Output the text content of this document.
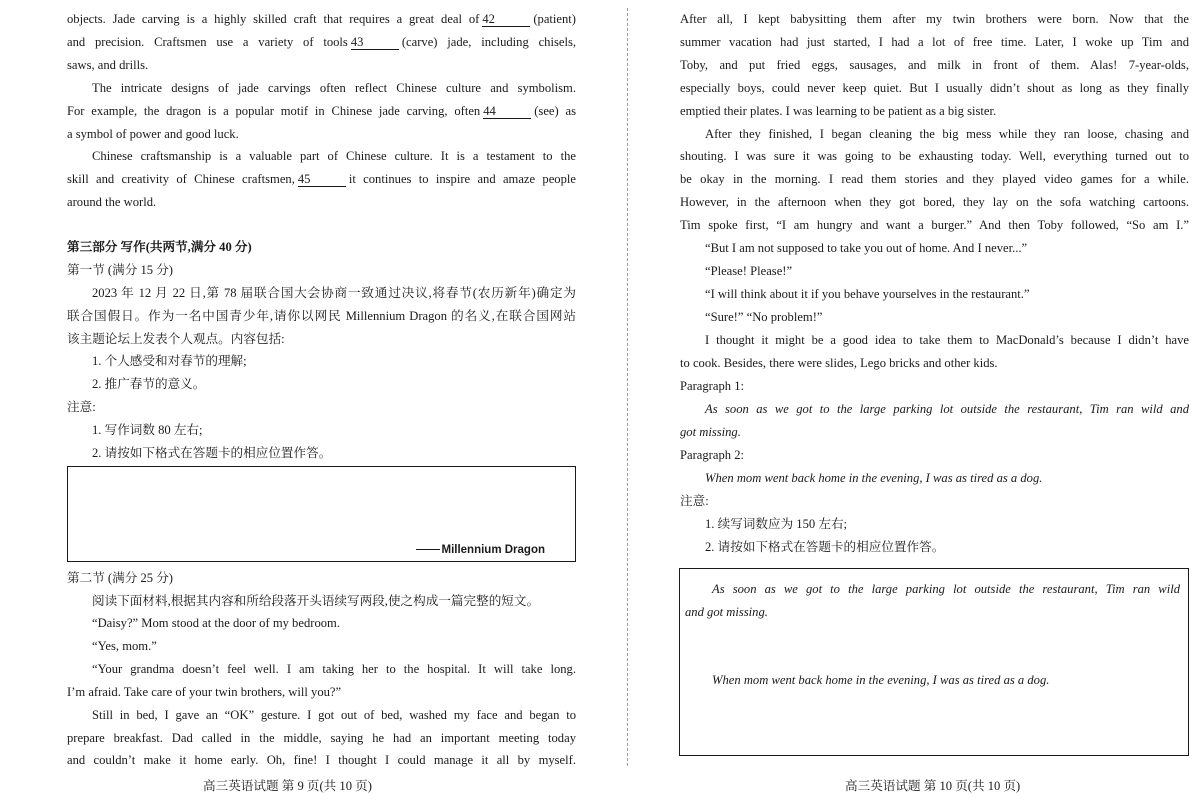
objects. Jade carving is a highly skilled craft that requires a great deal of 42	(patient)
and precision. Craftsmen use a variety of tools 43	(carve) jade, including chisels,
saws, and drills.
The intricate designs of jade carvings often reflect Chinese culture and symbolism.
For example, the dragon is a popular motif in Chinese jade carving, often 44	(see) as
a symbol of power and good luck.
Chinese craftsmanship is a valuable part of Chinese culture. It is a testament to the
skill and creativity of Chinese craftsmen, 45	it continues to inspire and amaze people
around the world.
第三部分 写作(共两节,满分 40 分)
第一节 (满分 15 分)
2023 年 12 月 22 日,第 78 届联合国大会协商一致通过决议,将春节(农历新年)确定为
联合国假日。作为一名中国青少年,请你以网民 Millennium Dragon 的名义,在联合国网站
该主题论坛上发表个人观点。内容包括:
1. 个人感受和对春节的理解;
2. 推广春节的意义。
注意:
1. 写作词数 80 左右;
2. 请按如下格式在答题卡的相应位置作答。
Millennium Dragon
第二节 (满分 25 分)
阅读下面材料,根据其内容和所给段落开头语续写两段,使之构成一篇完整的短文。
“Daisy?” Mom stood at the door of my bedroom.
“Yes, mom.”
“Your grandma doesn’t feel well. I am taking her to the hospital. It will take long.
I’m afraid. Take care of your twin brothers, will you?”
Still in bed, I gave an “OK” gesture. I got out of bed, washed my face and began to
prepare breakfast. Dad called in the middle, saying he had an important meeting today
and couldn’t make it home early. Oh, fine! I thought I could manage it all by myself.
高三英语试题 第 9 页(共 10 页)
After all, I kept babysitting them after my twin brothers were born. Now that the
summer vacation had just started, I had a lot of free time. Later, I woke up Tim and
Toby, and put fried eggs, sausages, and milk in front of them. Alas! 7-year-olds,
especially boys, could never keep quiet. But I usually didn’t shout as long as they finally
emptied their plates. I was learning to be patient as a big sister.
After they finished, I began cleaning the big mess while they ran loose, chasing and
shouting. I was sure it was going to be exhausting today. Well, everything turned out to
be okay in the morning. I read them stories and they played video games for a while.
However, in the afternoon when they got bored, they lay on the sofa watching cartoons.
Tim spoke first, “I am hungry and want a burger.” And then Toby followed, “So am I.”
“But I am not supposed to take you out of home. And I never...”
“Please! Please!”
“I will think about it if you behave yourselves in the restaurant.”
“Sure!” “No problem!”
I thought it might be a good idea to take them to MacDonald’s because I didn’t have
to cook. Besides, there were slides, Lego bricks and other kids.
Paragraph 1:
As soon as we got to the large parking lot outside the restaurant, Tim ran wild and
got missing.
Paragraph 2:
When mom went back home in the evening, I was as tired as a dog.
注意:
1. 续写词数应为 150 左右;
2. 请按如下格式在答题卡的相应位置作答。
As soon as we got to the large parking lot outside the restaurant, Tim ran wild
and got missing.
When mom went back home in the evening, I was as tired as a dog.
高三英语试题 第 10 页(共 10 页)
